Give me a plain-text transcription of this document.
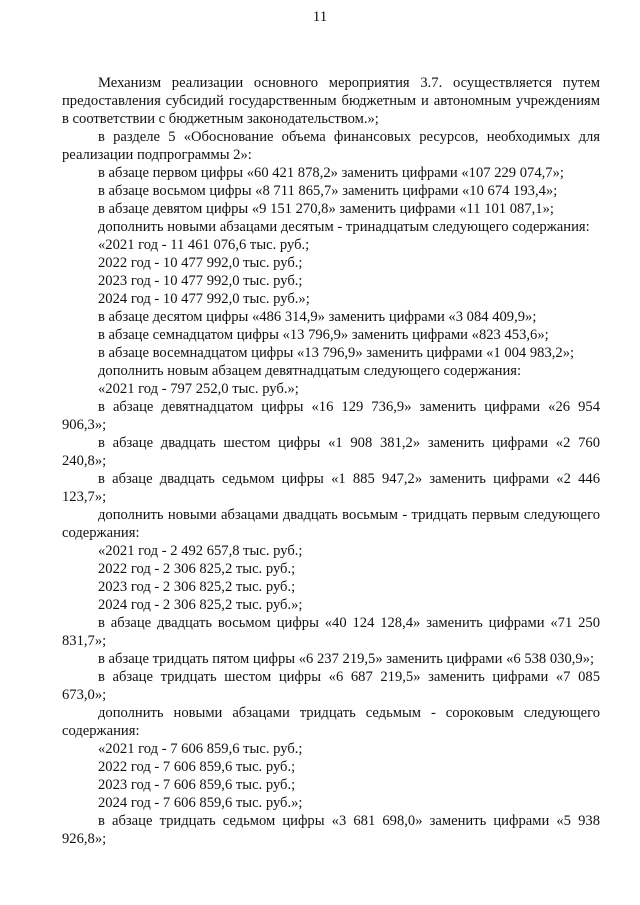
11

Механизм реализации основного мероприятия 3.7. осуществляется путем предоставления субсидий государственным бюджетным и автономным учреждениям в соответствии с бюджетным законодательством.»;

в разделе 5 «Обоснование объема финансовых ресурсов, необходимых для реализации подпрограммы 2»:

в абзаце первом цифры «60 421 878,2» заменить цифрами «107 229 074,7»;

в абзаце восьмом цифры «8 711 865,7» заменить цифрами «10 674 193,4»;

в абзаце девятом цифры «9 151 270,8» заменить цифрами «11 101 087,1»;

дополнить новыми абзацами десятым - тринадцатым следующего содержания:

«2021 год - 11 461 076,6 тыс. руб.;

2022 год - 10 477 992,0 тыс. руб.;

2023 год - 10 477 992,0 тыс. руб.;

2024 год - 10 477 992,0 тыс. руб.»;

в абзаце десятом цифры «486 314,9» заменить цифрами «3 084 409,9»;

в абзаце семнадцатом цифры «13 796,9» заменить цифрами «823 453,6»;

в абзаце восемнадцатом цифры «13 796,9» заменить цифрами «1 004 983,2»;

дополнить новым абзацем девятнадцатым следующего содержания:

«2021 год - 797 252,0 тыс. руб.»;

в абзаце девятнадцатом цифры «16 129 736,9» заменить цифрами «26 954 906,3»;

в абзаце двадцать шестом цифры «1 908 381,2» заменить цифрами «2 760 240,8»;

в абзаце двадцать седьмом цифры «1 885 947,2» заменить цифрами «2 446 123,7»;

дополнить новыми абзацами двадцать восьмым - тридцать первым следующего содержания:

«2021 год - 2 492 657,8 тыс. руб.;

2022 год - 2 306 825,2 тыс. руб.;

2023 год - 2 306 825,2 тыс. руб.;

2024 год - 2 306 825,2 тыс. руб.»;

в абзаце двадцать восьмом цифры «40 124 128,4» заменить цифрами «71 250 831,7»;

в абзаце тридцать пятом цифры «6 237 219,5» заменить цифрами «6 538 030,9»;

в абзаце тридцать шестом цифры «6 687 219,5» заменить цифрами «7 085 673,0»;

дополнить новыми абзацами тридцать седьмым - сороковым следующего содержания:

«2021 год - 7 606 859,6 тыс. руб.;

2022 год - 7 606 859,6 тыс. руб.;

2023 год - 7 606 859,6 тыс. руб.;

2024 год - 7 606 859,6 тыс. руб.»;

в абзаце тридцать седьмом цифры «3 681 698,0» заменить цифрами «5 938 926,8»;
